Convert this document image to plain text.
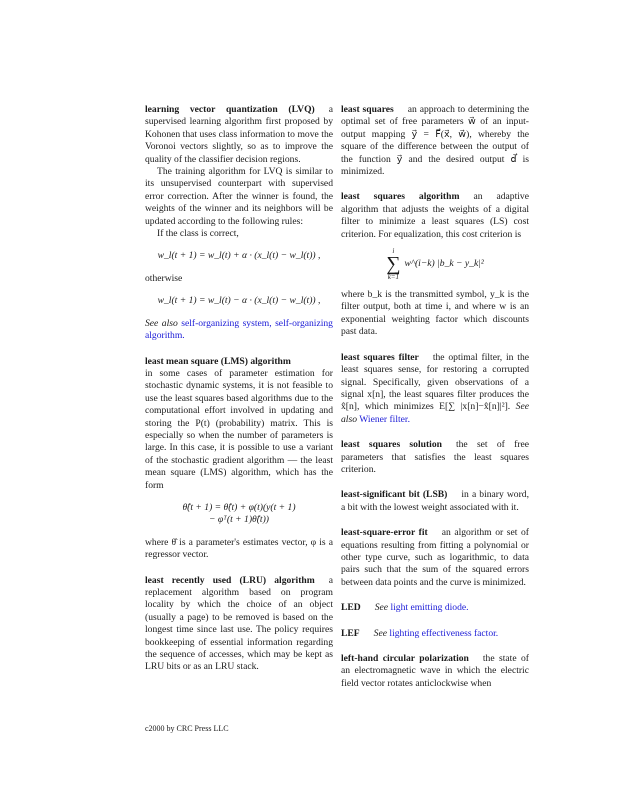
learning vector quantization (LVQ) a supervised learning algorithm first proposed by Kohonen that uses class information to move the Voronoi vectors slightly, so as to improve the quality of the classifier decision regions.

The training algorithm for LVQ is similar to its unsupervised counterpart with supervised error correction. After the winner is found, the weights of the winner and its neighbors will be updated according to the following rules:

If the class is correct,

w_l(t + 1) = w_l(t) + α · (x_l(t) − w_l(t)) ,

otherwise

w_l(t + 1) = w_l(t) − α · (x_l(t) − w_l(t)) ,

See also self-organizing system, self-organizing algorithm.

least mean square (LMS) algorithm

in some cases of parameter estimation for stochastic dynamic systems, it is not feasible to use the least squares based algorithms due to the computational effort involved in updating and storing the P(t) (probability) matrix. This is especially so when the number of parameters is large. In this case, it is possible to use a variant of the stochastic gradient algorithm — the least mean square (LMS) algorithm, which has the form

θ̂(t + 1) = θ̂(t) + φ(t)(y(t + 1)
− φᵀ(t + 1)θ̂(t))

where θ̂ is a parameter's estimates vector, φ is a regressor vector.

least recently used (LRU) algorithm a replacement algorithm based on program locality by which the choice of an object (usually a page) to be removed is based on the longest time since last use. The policy requires bookkeeping of essential information regarding the sequence of accesses, which may be kept as LRU bits or as an LRU stack.

least squares an approach to determining the optimal set of free parameters w⃗ of an input-output mapping y⃗ = F⃗(x⃗, w⃗), whereby the square of the difference between the output of the function y⃗ and the desired output d⃗ is minimized.

least squares algorithm an adaptive algorithm that adjusts the weights of a digital filter to minimize a least squares (LS) cost criterion. For equalization, this cost criterion is

i
∑
k=1
w^(i−k) |b_k − y_k|²

where b_k is the transmitted symbol, y_k is the filter output, both at time i, and where w is an exponential weighting factor which discounts past data.

least squares filter the optimal filter, in the least squares sense, for restoring a corrupted signal. Specifically, given observations of a signal x[n], the least squares filter produces the x̂[n], which minimizes E[∑ |x[n]−x̂[n]|²]. See also Wiener filter.

least squares solution the set of free parameters that satisfies the least squares criterion.

least-significant bit (LSB) in a binary word, a bit with the lowest weight associated with it.

least-square-error fit an algorithm or set of equations resulting from fitting a polynomial or other type curve, such as logarithmic, to data pairs such that the sum of the squared errors between data points and the curve is minimized.

LED See light emitting diode.

LEF See lighting effectiveness factor.

left-hand circular polarization the state of an electromagnetic wave in which the electric field vector rotates anticlockwise when

c2000 by CRC Press LLC
